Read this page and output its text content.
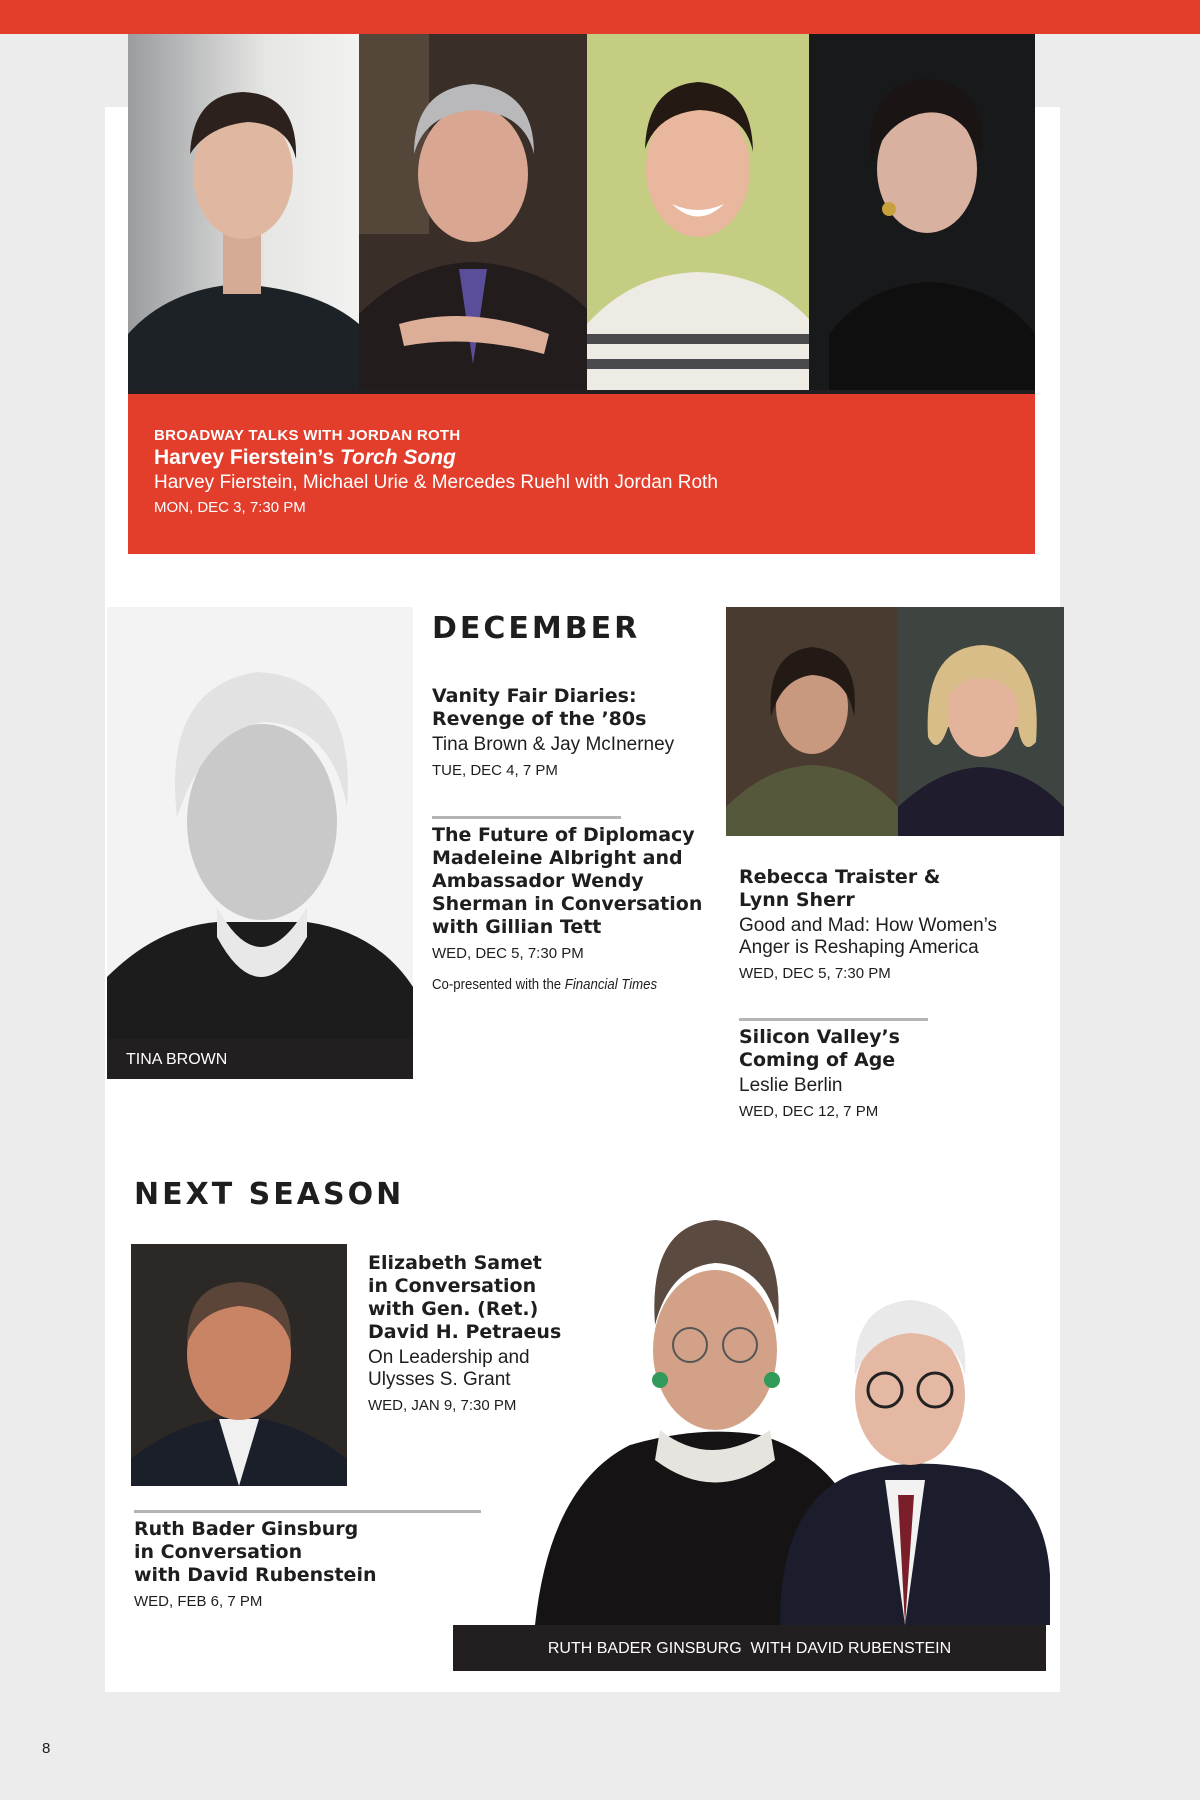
BROADWAY TALKS WITH JORDAN ROTH
Harvey Fierstein’s Torch Song
Harvey Fierstein, Michael Urie & Mercedes Ruehl with Jordan Roth
MON, DEC 3, 7:30 PM
TINA BROWN
DECEMBER
Vanity Fair Diaries:
Revenge of the ’80s
Tina Brown & Jay McInerney
TUE, DEC 4, 7 PM
The Future of Diplomacy
Madeleine Albright and
Ambassador Wendy
Sherman in Conversation
with Gillian Tett
WED, DEC 5, 7:30 PM
Co-presented with the Financial Times
Rebecca Traister &
Lynn Sherr
Good and Mad: How Women’s
Anger is Reshaping America
WED, DEC 5, 7:30 PM
Silicon Valley’s
Coming of Age
Leslie Berlin
WED, DEC 12, 7 PM
NEXT SEASON
Elizabeth Samet
in Conversation
with Gen. (Ret.)
David H. Petraeus
On Leadership and
Ulysses S. Grant
WED, JAN 9, 7:30 PM
Ruth Bader Ginsburg
in Conversation
with David Rubenstein
WED, FEB 6, 7 PM
RUTH BADER GINSBURG  WITH DAVID RUBENSTEIN
8
